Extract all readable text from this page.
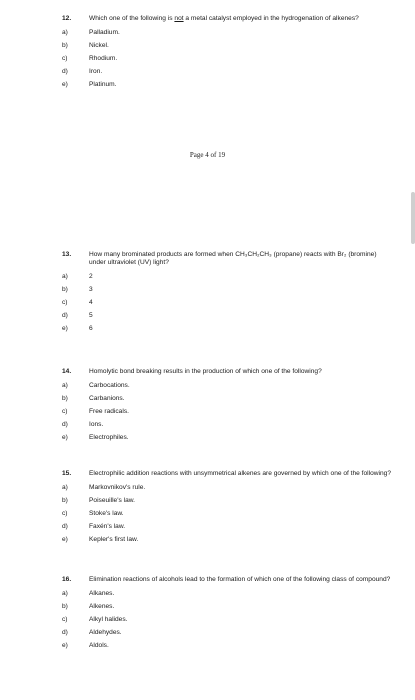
12.	Which one of the following is not a metal catalyst employed in the hydrogenation of alkenes?
a)	Palladium.
b)	Nickel.
c)	Rhodium.
d)	Iron.
e)	Platinum.
Page 4 of 19
13.	How many brominated products are formed when CH₃CH₂CH₃ (propane) reacts with Br₂ (bromine) under ultraviolet (UV) light?
a)	2
b)	3
c)	4
d)	5
e)	6
14.	Homolytic bond breaking results in the production of which one of the following?
a)	Carbocations.
b)	Carbanions.
c)	Free radicals.
d)	Ions.
e)	Electrophiles.
15.	Electrophilic addition reactions with unsymmetrical alkenes are governed by which one of the following?
a)	Markovnikov's rule.
b)	Poiseuille's law.
c)	Stoke's law.
d)	Faxén's law.
e)	Kepler's first law.
16.	Elimination reactions of alcohols lead to the formation of which one of the following class of compound?
a)	Alkanes.
b)	Alkenes.
c)	Alkyl halides.
d)	Aldehydes.
e)	Aldols.
